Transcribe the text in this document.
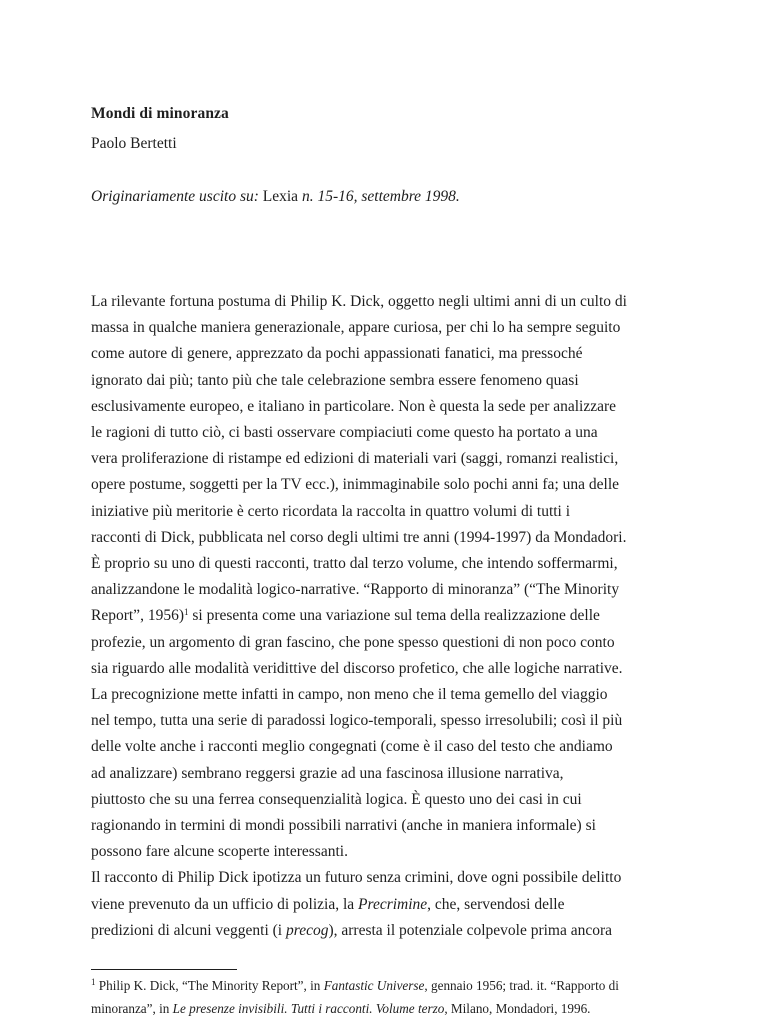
Mondi di minoranza
Paolo Bertetti
Originariamente uscito su: Lexia n. 15-16, settembre 1998.

La rilevante fortuna postuma di Philip K. Dick, oggetto negli ultimi anni di un culto di
massa in qualche maniera generazionale, appare curiosa, per chi lo ha sempre seguito
come autore di genere, apprezzato da pochi appassionati fanatici, ma pressoché
ignorato dai più; tanto più che tale celebrazione sembra essere fenomeno quasi
esclusivamente europeo, e italiano in particolare. Non è questa la sede per analizzare
le ragioni di tutto ciò, ci basti osservare compiaciuti come questo ha portato a una
vera proliferazione di ristampe ed edizioni di materiali vari (saggi, romanzi realistici,
opere postume, soggetti per la TV ecc.), inimmaginabile solo pochi anni fa; una delle
iniziative più meritorie è certo ricordata la raccolta in quattro volumi di tutti i
racconti di Dick, pubblicata nel corso degli ultimi tre anni (1994-1997) da Mondadori.
È proprio su uno di questi racconti, tratto dal terzo volume, che intendo soffermarmi,
analizzandone le modalità logico-narrative. “Rapporto di minoranza” (“The Minority
Report”, 1956)$^1$ si presenta come una variazione sul tema della realizzazione delle
profezie, un argomento di gran fascino, che pone spesso questioni di non poco conto
sia riguardo alle modalità veridittive del discorso profetico, che alle logiche narrative.
La precognizione mette infatti in campo, non meno che il tema gemello del viaggio
nel tempo, tutta una serie di paradossi logico-temporali, spesso irresolubili; così il più
delle volte anche i racconti meglio congegnati (come è il caso del testo che andiamo
ad analizzare) sembrano reggersi grazie ad una fascinosa illusione narrativa,
piuttosto che su una ferrea consequenzialità logica. È questo uno dei casi in cui
ragionando in termini di mondi possibili narrativi (anche in maniera informale) si
possono fare alcune scoperte interessanti.

Il racconto di Philip Dick ipotizza un futuro senza crimini, dove ogni possibile delitto
viene prevenuto da un ufficio di polizia, la Precrimine, che, servendosi delle
predizioni di alcuni veggenti (i precog), arresta il potenziale colpevole prima ancora

$^1$ Philip K. Dick, “The Minority Report”, in Fantastic Universe, gennaio 1956; trad. it. “Rapporto di
minoranza”, in Le presenze invisibili. Tutti i racconti. Volume terzo, Milano, Mondadori, 1996.
